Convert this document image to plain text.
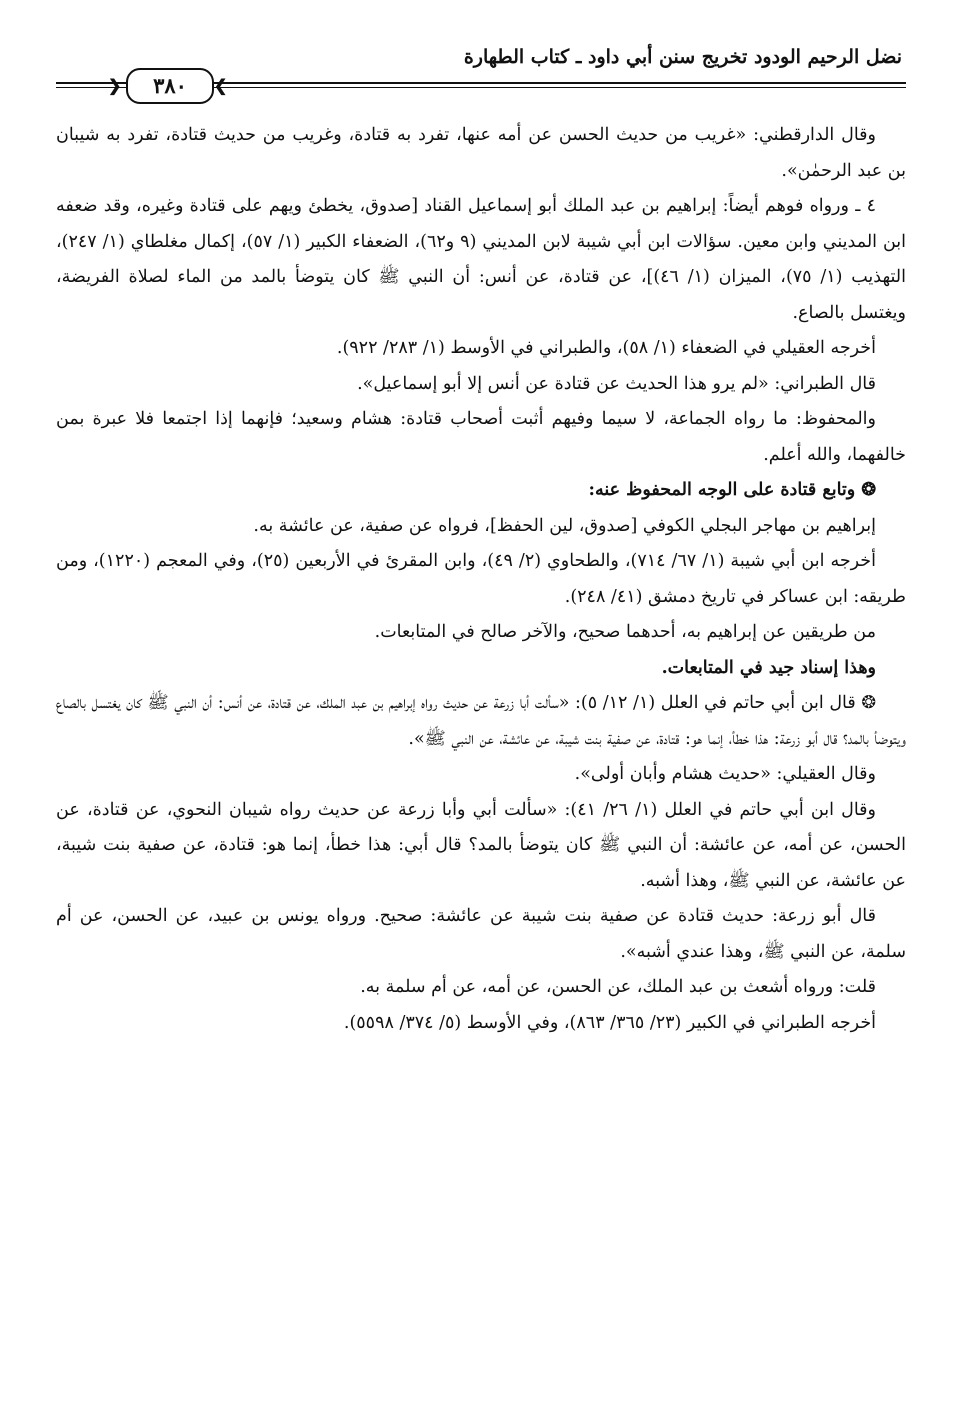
نضل الرحيم الودود تخريج سنن أبي داود ـ كتاب الطهارة
❮	٣٨٠	❯

وقال الدارقطني: «غريب من حديث الحسن عن أمه عنها، تفرد به قتادة، وغريب من حديث قتادة، تفرد به شيبان بن عبد الرحمٰن».

٤ ـ ورواه فوهم أيضاً: إبراهيم بن عبد الملك أبو إسماعيل القناد [صدوق، يخطئ ويهم على قتادة وغيره، وقد ضعفه ابن المديني وابن معين. سؤالات ابن أبي شيبة لابن المديني (٩ و٦٢)، الضعفاء الكبير (١/ ٥٧)، إكمال مغلطاي (١/ ٢٤٧)، التهذيب (١/ ٧٥)، الميزان (١/ ٤٦)]، عن قتادة، عن أنس: أن النبي ﷺ كان يتوضأ بالمد من الماء لصلاة الفريضة، ويغتسل بالصاع.

أخرجه العقيلي في الضعفاء (١/ ٥٨)، والطبراني في الأوسط (١/ ٢٨٣/ ٩٢٢).

قال الطبراني: «لم يرو هذا الحديث عن قتادة عن أنس إلا أبو إسماعيل».

والمحفوظ: ما رواه الجماعة، لا سيما وفيهم أثبت أصحاب قتادة: هشام وسعيد؛ فإنهما إذا اجتمعا فلا عبرة بمن خالفهما، والله أعلم.

❂ وتابع قتادة على الوجه المحفوظ عنه:

إبراهيم بن مهاجر البجلي الكوفي [صدوق، لين الحفظ]، فرواه عن صفية، عن عائشة به.

أخرجه ابن أبي شيبة (١/ ٦٧/ ٧١٤)، والطحاوي (٢/ ٤٩)، وابن المقرئ في الأربعين (٢٥)، وفي المعجم (١٢٢٠)، ومن طريقه: ابن عساكر في تاريخ دمشق (٤١/ ٢٤٨).

من طريقين عن إبراهيم به، أحدهما صحيح، والآخر صالح في المتابعات.

وهذا إسناد جيد في المتابعات.

❂ قال ابن أبي حاتم في العلل (١/ ١٢/ ٥): «سألت أبا زرعة عن حديث رواه إبراهيم بن عبد الملك، عن قتادة، عن أنس: أن النبي ﷺ كان يغتسل بالصاع ويتوضأ بالمد؟ قال أبو زرعة: هذا خطأ، إنما هو: قتادة، عن صفية بنت شيبة، عن عائشة، عن النبي ﷺ».

وقال العقيلي: «حديث هشام وأبان أولى».

وقال ابن أبي حاتم في العلل (١/ ٢٦/ ٤١): «سألت أبي وأبا زرعة عن حديث رواه شيبان النحوي، عن قتادة، عن الحسن، عن أمه، عن عائشة: أن النبي ﷺ كان يتوضأ بالمد؟ قال أبي: هذا خطأ، إنما هو: قتادة، عن صفية بنت شيبة، عن عائشة، عن النبي ﷺ، وهذا أشبه.

قال أبو زرعة: حديث قتادة عن صفية بنت شيبة عن عائشة: صحيح. ورواه يونس بن عبيد، عن الحسن، عن أم سلمة، عن النبي ﷺ، وهذا عندي أشبه».

قلت: ورواه أشعث بن عبد الملك، عن الحسن، عن أمه، عن أم سلمة به.

أخرجه الطبراني في الكبير (٢٣/ ٣٦٥/ ٨٦٣)، وفي الأوسط (٥/ ٣٧٤/ ٥٥٩٨).
